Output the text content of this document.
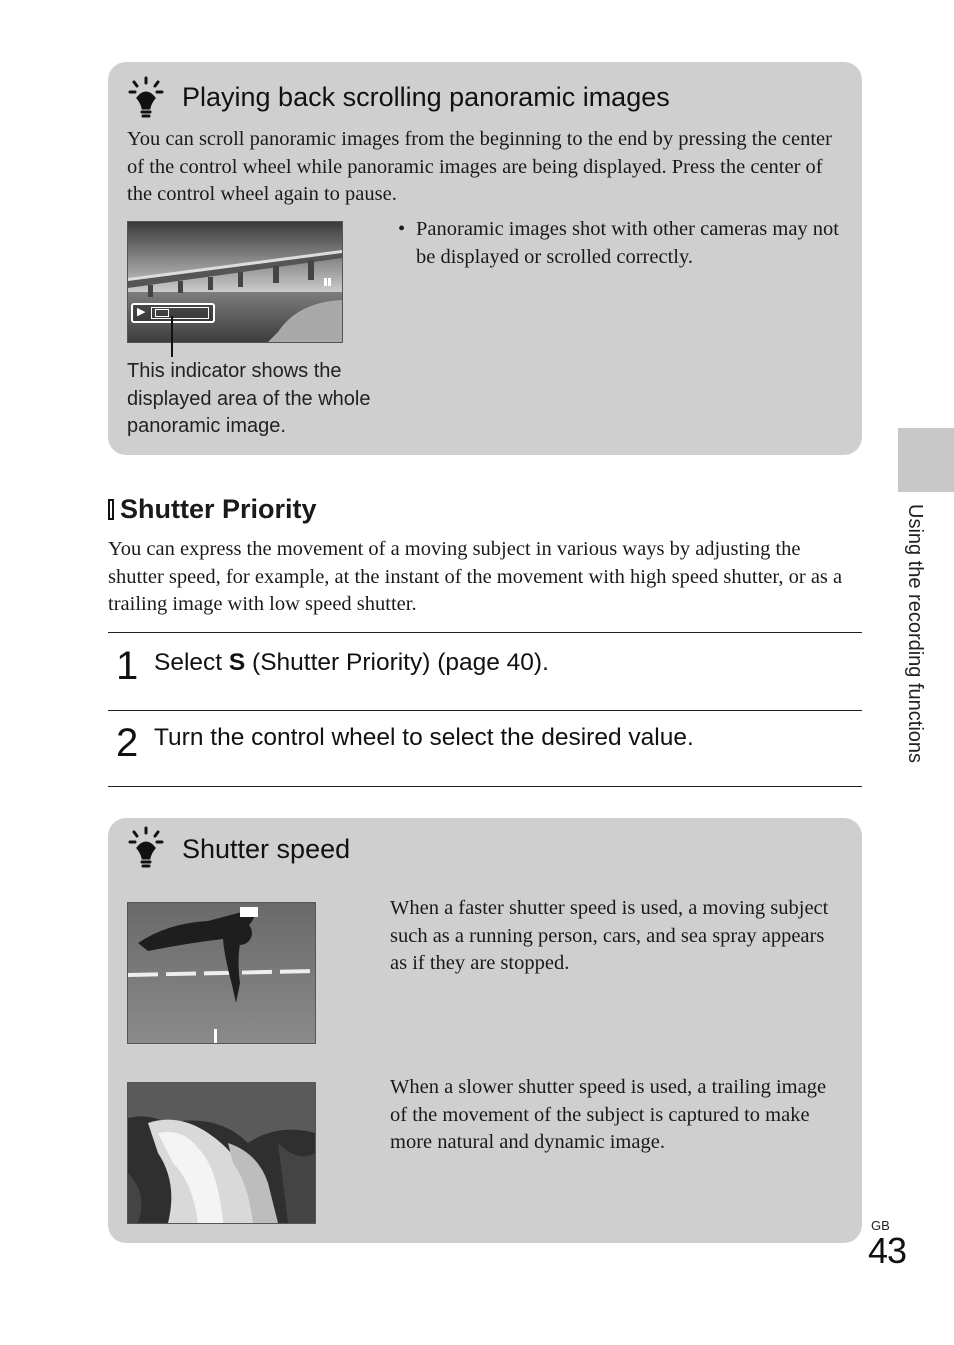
Playing back scrolling panoramic images

You can scroll panoramic images from the beginning to the end by pressing the center of the control wheel while panoramic images are being displayed. Press the center of the control wheel again to pause.

▶
This indicator shows the displayed area of the whole panoramic image.
• Panoramic images shot with other cameras may not be displayed or scrolled correctly.
Shutter Priority

You can express the movement of a moving subject in various ways by adjusting the shutter speed, for example, at the instant of the movement with high speed shutter, or as a trailing image with low speed shutter.

1 Select S (Shutter Priority) (page 40).
2 Turn the control wheel to select the desired value.
Shutter speed

When a faster shutter speed is used, a moving subject such as a running person, cars, and sea spray appears as if they are stopped.

When a slower shutter speed is used, a trailing image of the movement of the subject is captured to make more natural and dynamic image.

Using the recording functions
GB
43
